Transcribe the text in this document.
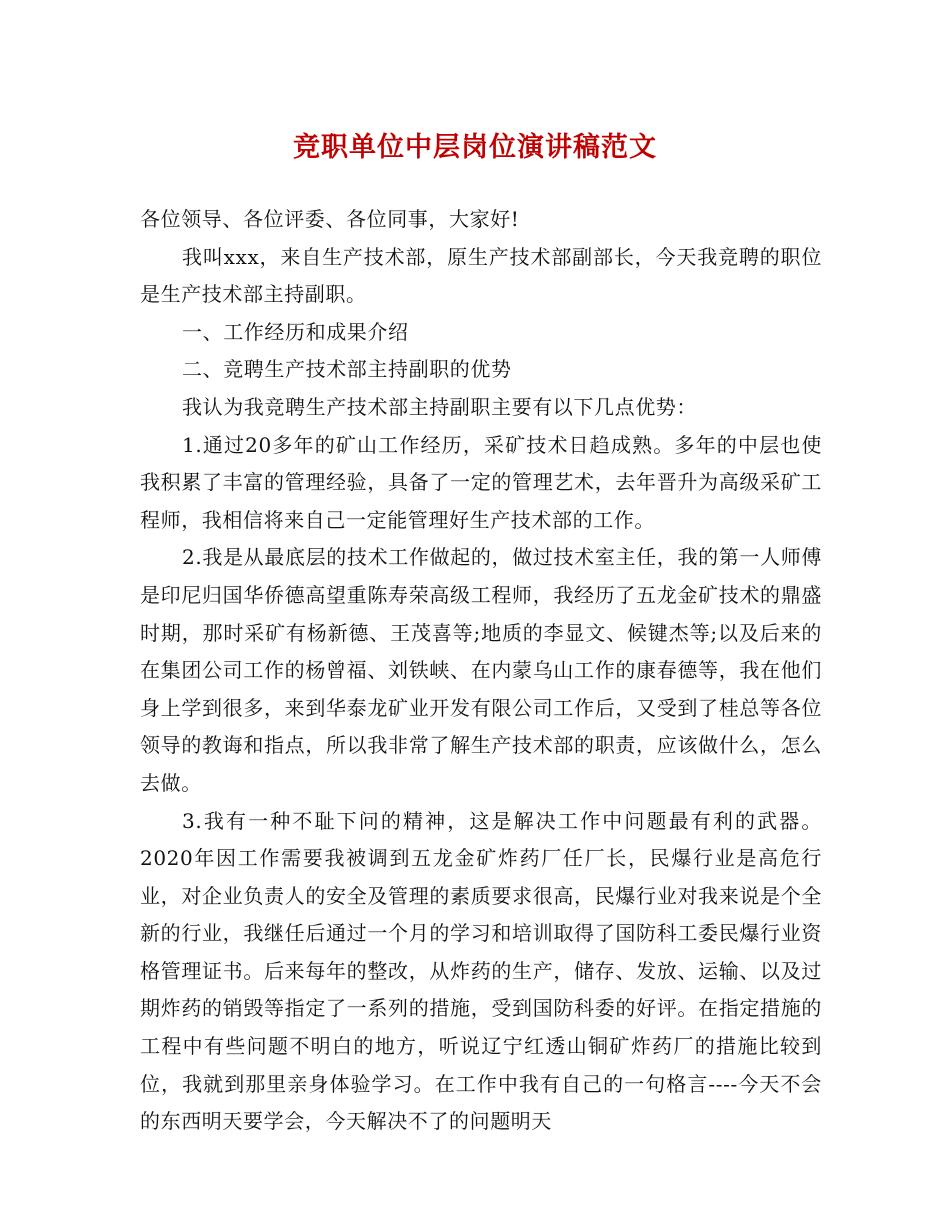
竞职单位中层岗位演讲稿范文

各位领导、各位评委、各位同事，大家好!

我叫xxx，来自生产技术部，原生产技术部副部长，今天我竞聘的职位是生产技术部主持副职。

一、工作经历和成果介绍

二、竞聘生产技术部主持副职的优势

我认为我竞聘生产技术部主持副职主要有以下几点优势：

1.通过20多年的矿山工作经历，采矿技术日趋成熟。多年的中层也使我积累了丰富的管理经验，具备了一定的管理艺术，去年晋升为高级采矿工程师，我相信将来自己一定能管理好生产技术部的工作。

2.我是从最底层的技术工作做起的，做过技术室主任，我的第一人师傅是印尼归国华侨德高望重陈寿荣高级工程师，我经历了五龙金矿技术的鼎盛时期，那时采矿有杨新德、王茂喜等;地质的李显文、候键杰等;以及后来的在集团公司工作的杨曾福、刘铁峡、在内蒙乌山工作的康春德等，我在他们身上学到很多，来到华泰龙矿业开发有限公司工作后，又受到了桂总等各位领导的教诲和指点，所以我非常了解生产技术部的职责，应该做什么，怎么去做。

3.我有一种不耻下问的精神，这是解决工作中问题最有利的武器。2020年因工作需要我被调到五龙金矿炸药厂任厂长，民爆行业是高危行业，对企业负责人的安全及管理的素质要求很高，民爆行业对我来说是个全新的行业，我继任后通过一个月的学习和培训取得了国防科工委民爆行业资格管理证书。后来每年的整改，从炸药的生产，储存、发放、运输、以及过期炸药的销毁等指定了一系列的措施，受到国防科委的好评。在指定措施的工程中有些问题不明白的地方，听说辽宁红透山铜矿炸药厂的措施比较到位，我就到那里亲身体验学习。在工作中我有自己的一句格言----今天不会的东西明天要学会，今天解决不了的问题明天
